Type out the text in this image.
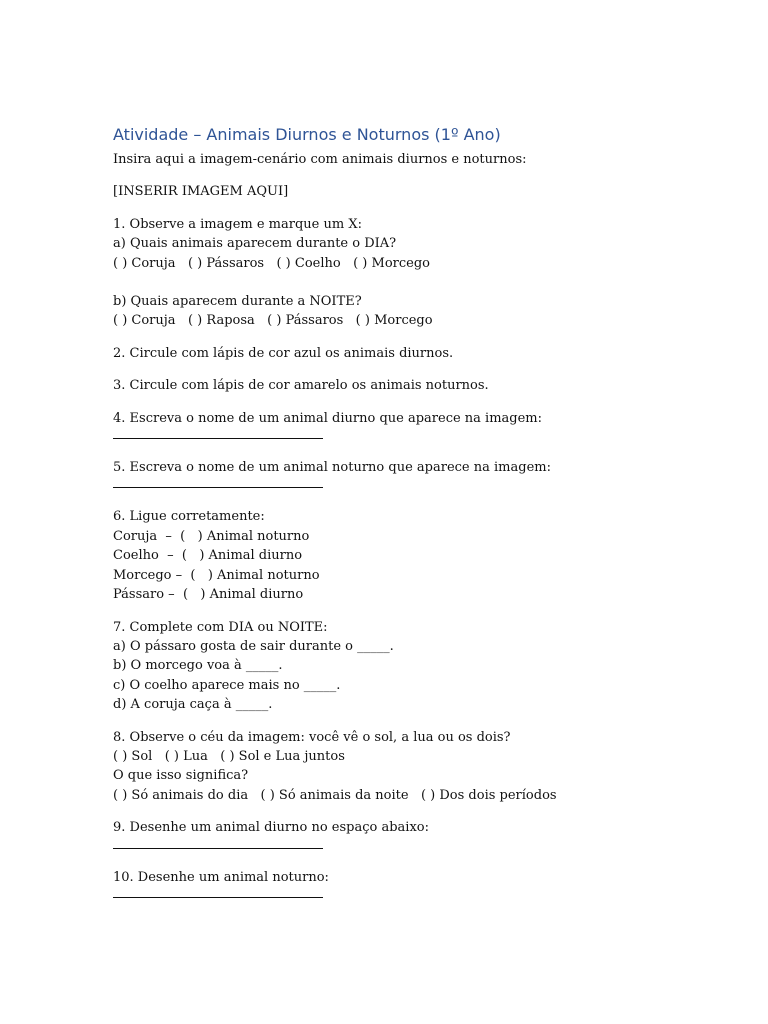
Atividade – Animais Diurnos e Noturnos (1º Ano)

Insira aqui a imagem-cenário com animais diurnos e noturnos:

[INSERIR IMAGEM AQUI]

1. Observe a imagem e marque um X:

a) Quais animais aparecem durante o DIA?

( ) Coruja   ( ) Pássaros   ( ) Coelho   ( ) Morcego

b) Quais aparecem durante a NOITE?

( ) Coruja   ( ) Raposa   ( ) Pássaros   ( ) Morcego

2. Circule com lápis de cor azul os animais diurnos.

3. Circule com lápis de cor amarelo os animais noturnos.

4. Escreva o nome de um animal diurno que aparece na imagem:

5. Escreva o nome de um animal noturno que aparece na imagem:

6. Ligue corretamente:

Coruja  –  (   ) Animal noturno

Coelho  –  (   ) Animal diurno

Morcego –  (   ) Animal noturno

Pássaro –  (   ) Animal diurno

7. Complete com DIA ou NOITE:

a) O pássaro gosta de sair durante o _____.

b) O morcego voa à _____.

c) O coelho aparece mais no _____.

d) A coruja caça à _____.

8. Observe o céu da imagem: você vê o sol, a lua ou os dois?

( ) Sol   ( ) Lua   ( ) Sol e Lua juntos

O que isso significa?

( ) Só animais do dia   ( ) Só animais da noite   ( ) Dos dois períodos

9. Desenhe um animal diurno no espaço abaixo:

10. Desenhe um animal noturno:
